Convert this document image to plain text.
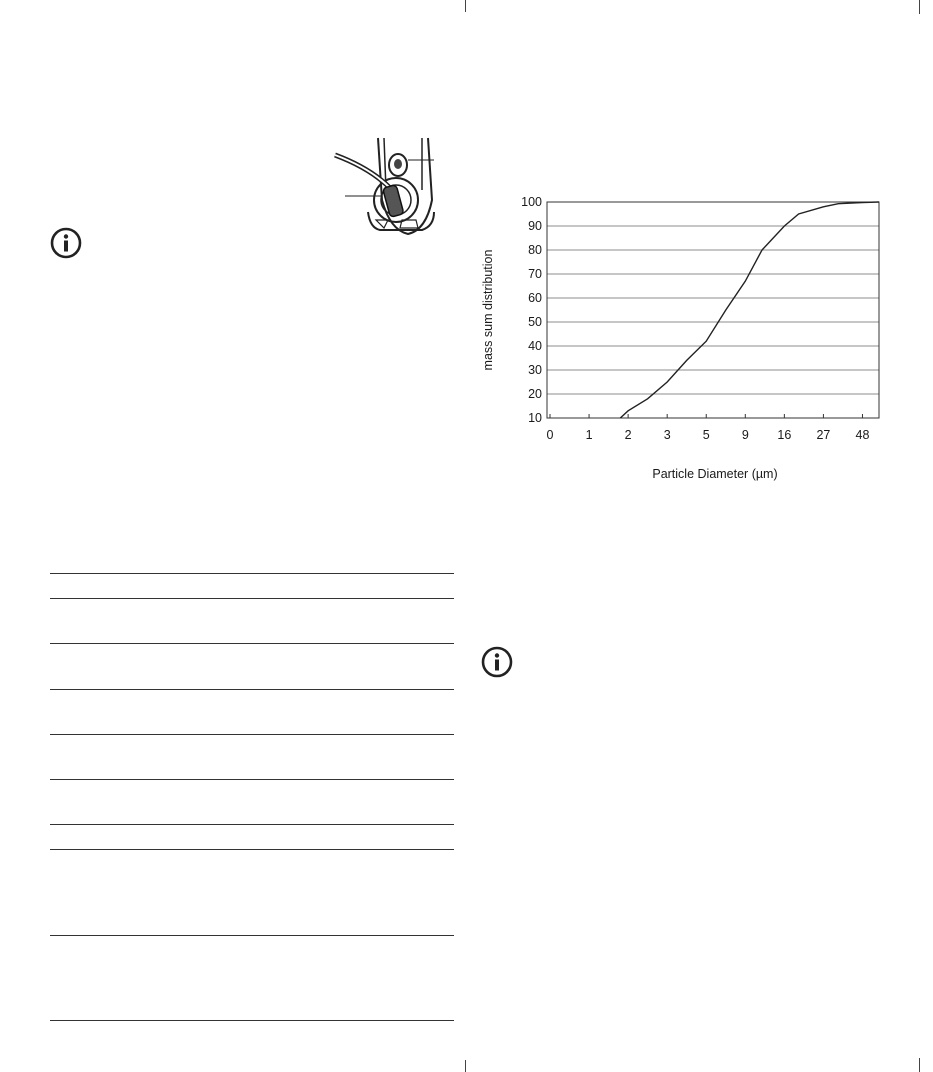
10
20
30
40
50
60
70
80
90
100
0	1	2	3	5	9 16 27 48
mass sum distribution
Particle Diameter (µm)
